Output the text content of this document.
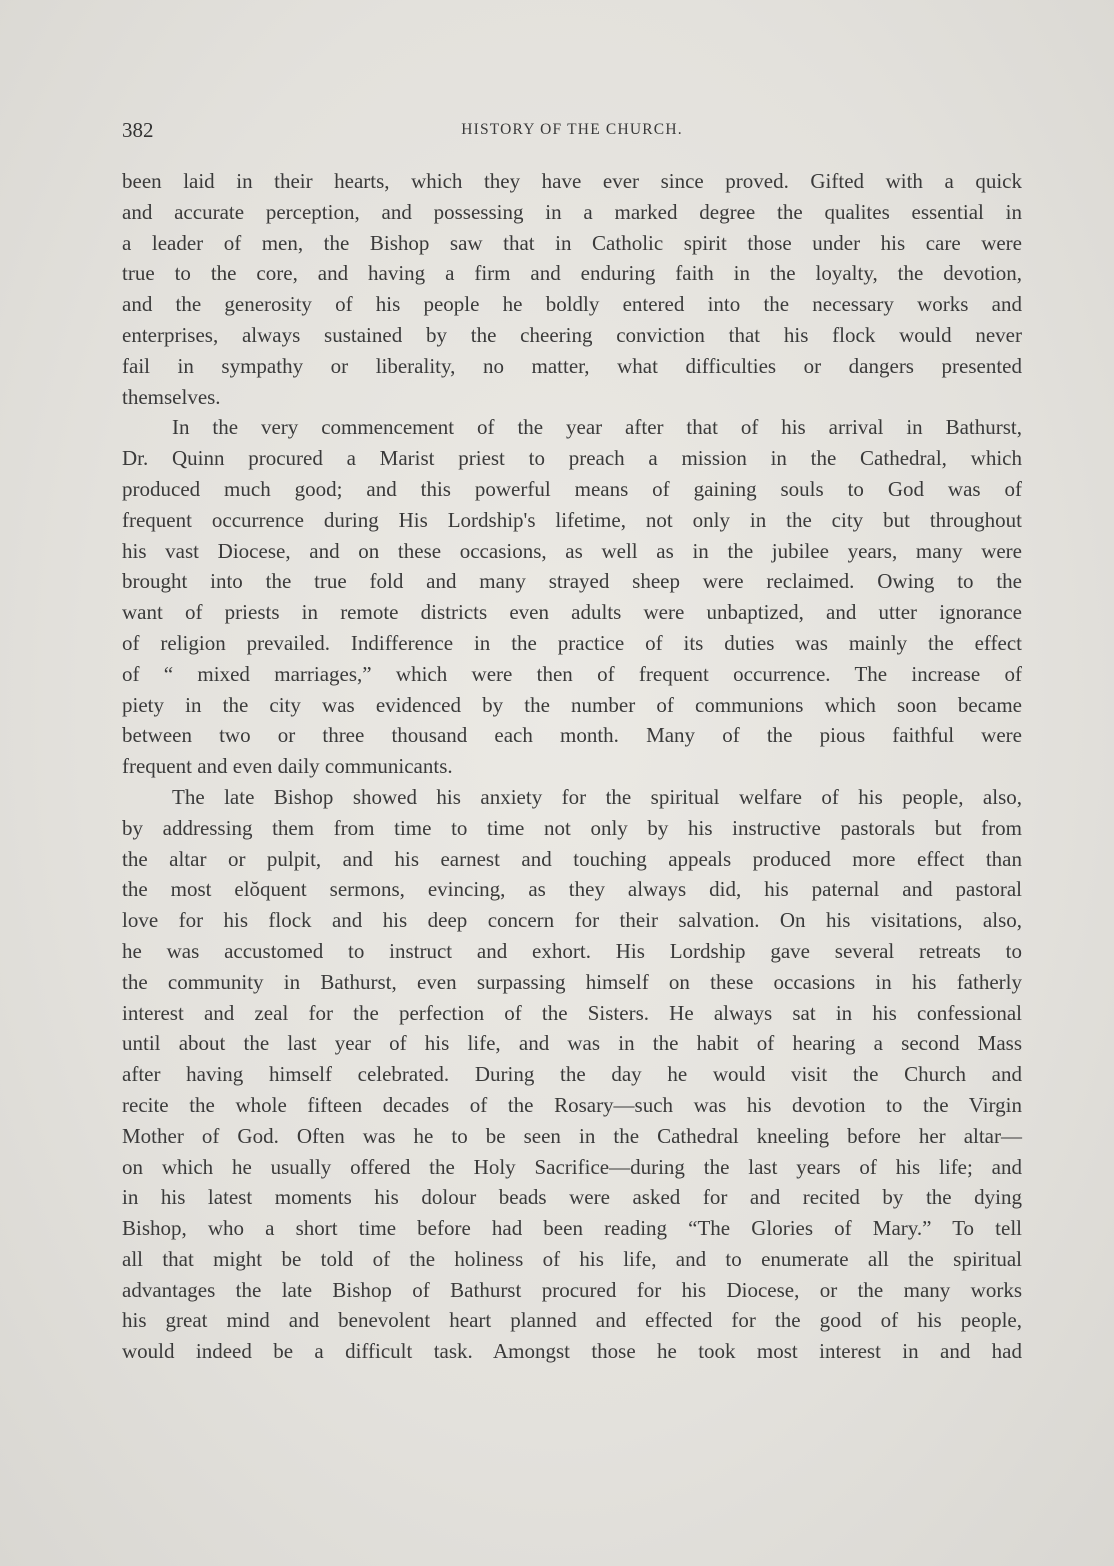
382	HISTORY OF THE CHURCH.

been laid in their hearts, which they have ever since proved. Gifted with a quick
and accurate perception, and possessing in a marked degree the qualites essential in
a leader of men, the Bishop saw that in Catholic spirit those under his care were
true to the core, and having a firm and enduring faith in the loyalty, the devotion,
and the generosity of his people he boldly entered into the necessary works and
enterprises, always sustained by the cheering conviction that his flock would never
fail in sympathy or liberality, no matter, what difficulties or dangers presented
themselves.

In the very commencement of the year after that of his arrival in Bathurst,
Dr. Quinn procured a Marist priest to preach a mission in the Cathedral, which
produced much good; and this powerful means of gaining souls to God was of
frequent occurrence during His Lordship's lifetime, not only in the city but throughout
his vast Diocese, and on these occasions, as well as in the jubilee years, many were
brought into the true fold and many strayed sheep were reclaimed. Owing to the
want of priests in remote districts even adults were unbaptized, and utter ignorance
of religion prevailed. Indifference in the practice of its duties was mainly the effect
of “ mixed marriages,” which were then of frequent occurrence. The increase of
piety in the city was evidenced by the number of communions which soon became
between two or three thousand each month. Many of the pious faithful were
frequent and even daily communicants.

The late Bishop showed his anxiety for the spiritual welfare of his people, also,
by addressing them from time to time not only by his instructive pastorals but from
the altar or pulpit, and his earnest and touching appeals produced more effect than
the most elŏquent sermons, evincing, as they always did, his paternal and pastoral
love for his flock and his deep concern for their salvation. On his visitations, also,
he was accustomed to instruct and exhort. His Lordship gave several retreats to
the community in Bathurst, even surpassing himself on these occasions in his fatherly
interest and zeal for the perfection of the Sisters. He always sat in his confessional
until about the last year of his life, and was in the habit of hearing a second Mass
after having himself celebrated. During the day he would visit the Church and
recite the whole fifteen decades of the Rosary—such was his devotion to the Virgin
Mother of God. Often was he to be seen in the Cathedral kneeling before her altar—
on which he usually offered the Holy Sacrifice—during the last years of his life; and
in his latest moments his dolour beads were asked for and recited by the dying
Bishop, who a short time before had been reading “The Glories of Mary.” To tell
all that might be told of the holiness of his life, and to enumerate all the spiritual
advantages the late Bishop of Bathurst procured for his Diocese, or the many works
his great mind and benevolent heart planned and effected for the good of his people,
would indeed be a difficult task. Amongst those he took most interest in and had
